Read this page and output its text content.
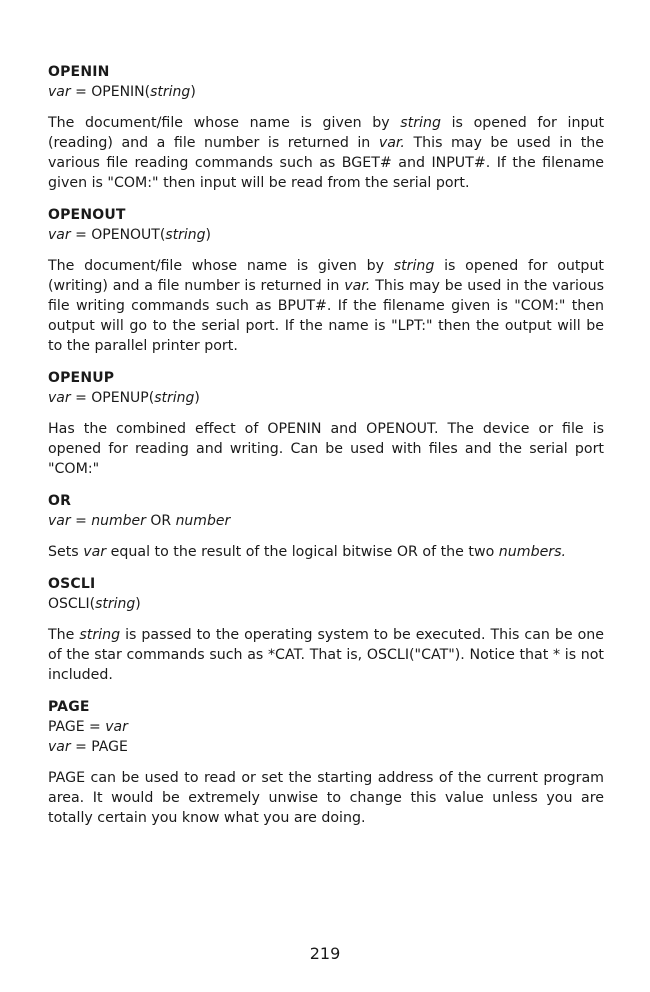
OPENIN
var = OPENIN(string)
The document/file whose name is given by string is opened for input (reading) and a file number is returned in var. This may be used in the various file reading commands such as BGET# and INPUT#. If the filename given is "COM:" then input will be read from the serial port.
OPENOUT
var = OPENOUT(string)
The document/file whose name is given by string is opened for output (writing) and a file number is returned in var. This may be used in the various file writing commands such as BPUT#. If the filename given is "COM:" then output will go to the serial port. If the name is "LPT:" then the output will be to the parallel printer port.
OPENUP
var = OPENUP(string)
Has the combined effect of OPENIN and OPENOUT. The device or file is opened for reading and writing. Can be used with files and the serial port "COM:"
OR
var = number OR number
Sets var equal to the result of the logical bitwise OR of the two numbers.
OSCLI
OSCLI(string)
The string is passed to the operating system to be executed. This can be one of the star commands such as *CAT. That is, OSCLI("CAT"). Notice that * is not included.
PAGE
PAGE = var
var = PAGE
PAGE can be used to read or set the starting address of the current program area. It would be extremely unwise to change this value unless you are totally certain you know what you are doing.
219
